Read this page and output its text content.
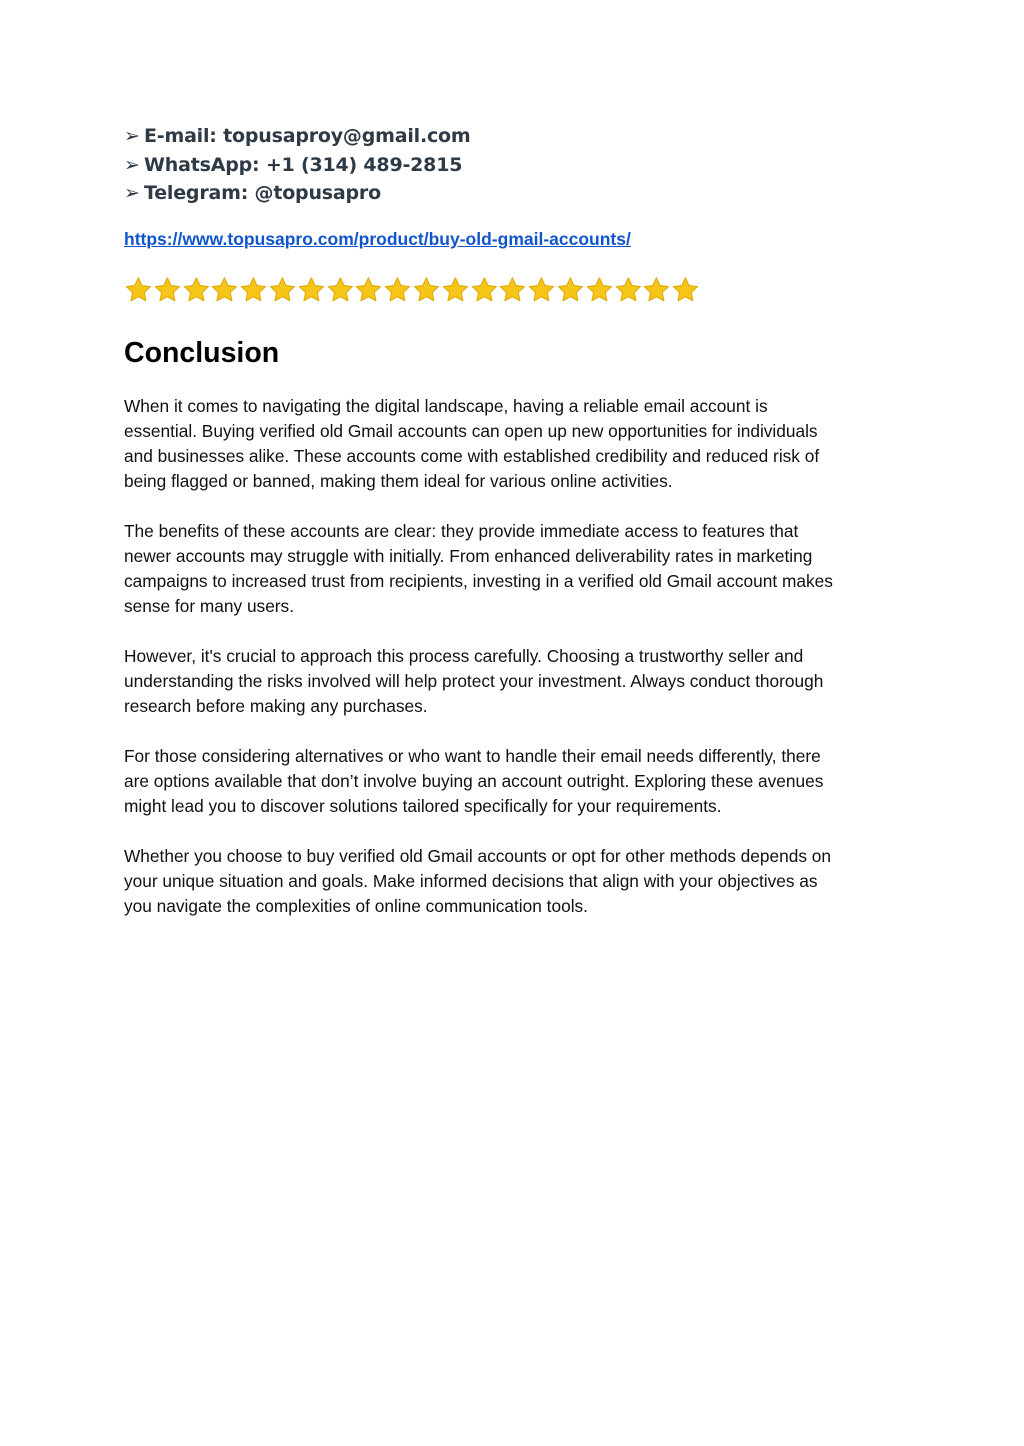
➢ E-mail: topusaproy@gmail.com
➢ WhatsApp: +1 (314) 489-2815
➢ Telegram: @topusapro
https://www.topusapro.com/product/buy-old-gmail-accounts/
Conclusion

When it comes to navigating the digital landscape, having a reliable email account is
essential. Buying verified old Gmail accounts can open up new opportunities for individuals
and businesses alike. These accounts come with established credibility and reduced risk of
being flagged or banned, making them ideal for various online activities.

The benefits of these accounts are clear: they provide immediate access to features that
newer accounts may struggle with initially. From enhanced deliverability rates in marketing
campaigns to increased trust from recipients, investing in a verified old Gmail account makes
sense for many users.

However, it's crucial to approach this process carefully. Choosing a trustworthy seller and
understanding the risks involved will help protect your investment. Always conduct thorough
research before making any purchases.

For those considering alternatives or who want to handle their email needs differently, there
are options available that don’t involve buying an account outright. Exploring these avenues
might lead you to discover solutions tailored specifically for your requirements.

Whether you choose to buy verified old Gmail accounts or opt for other methods depends on
your unique situation and goals. Make informed decisions that align with your objectives as
you navigate the complexities of online communication tools.
